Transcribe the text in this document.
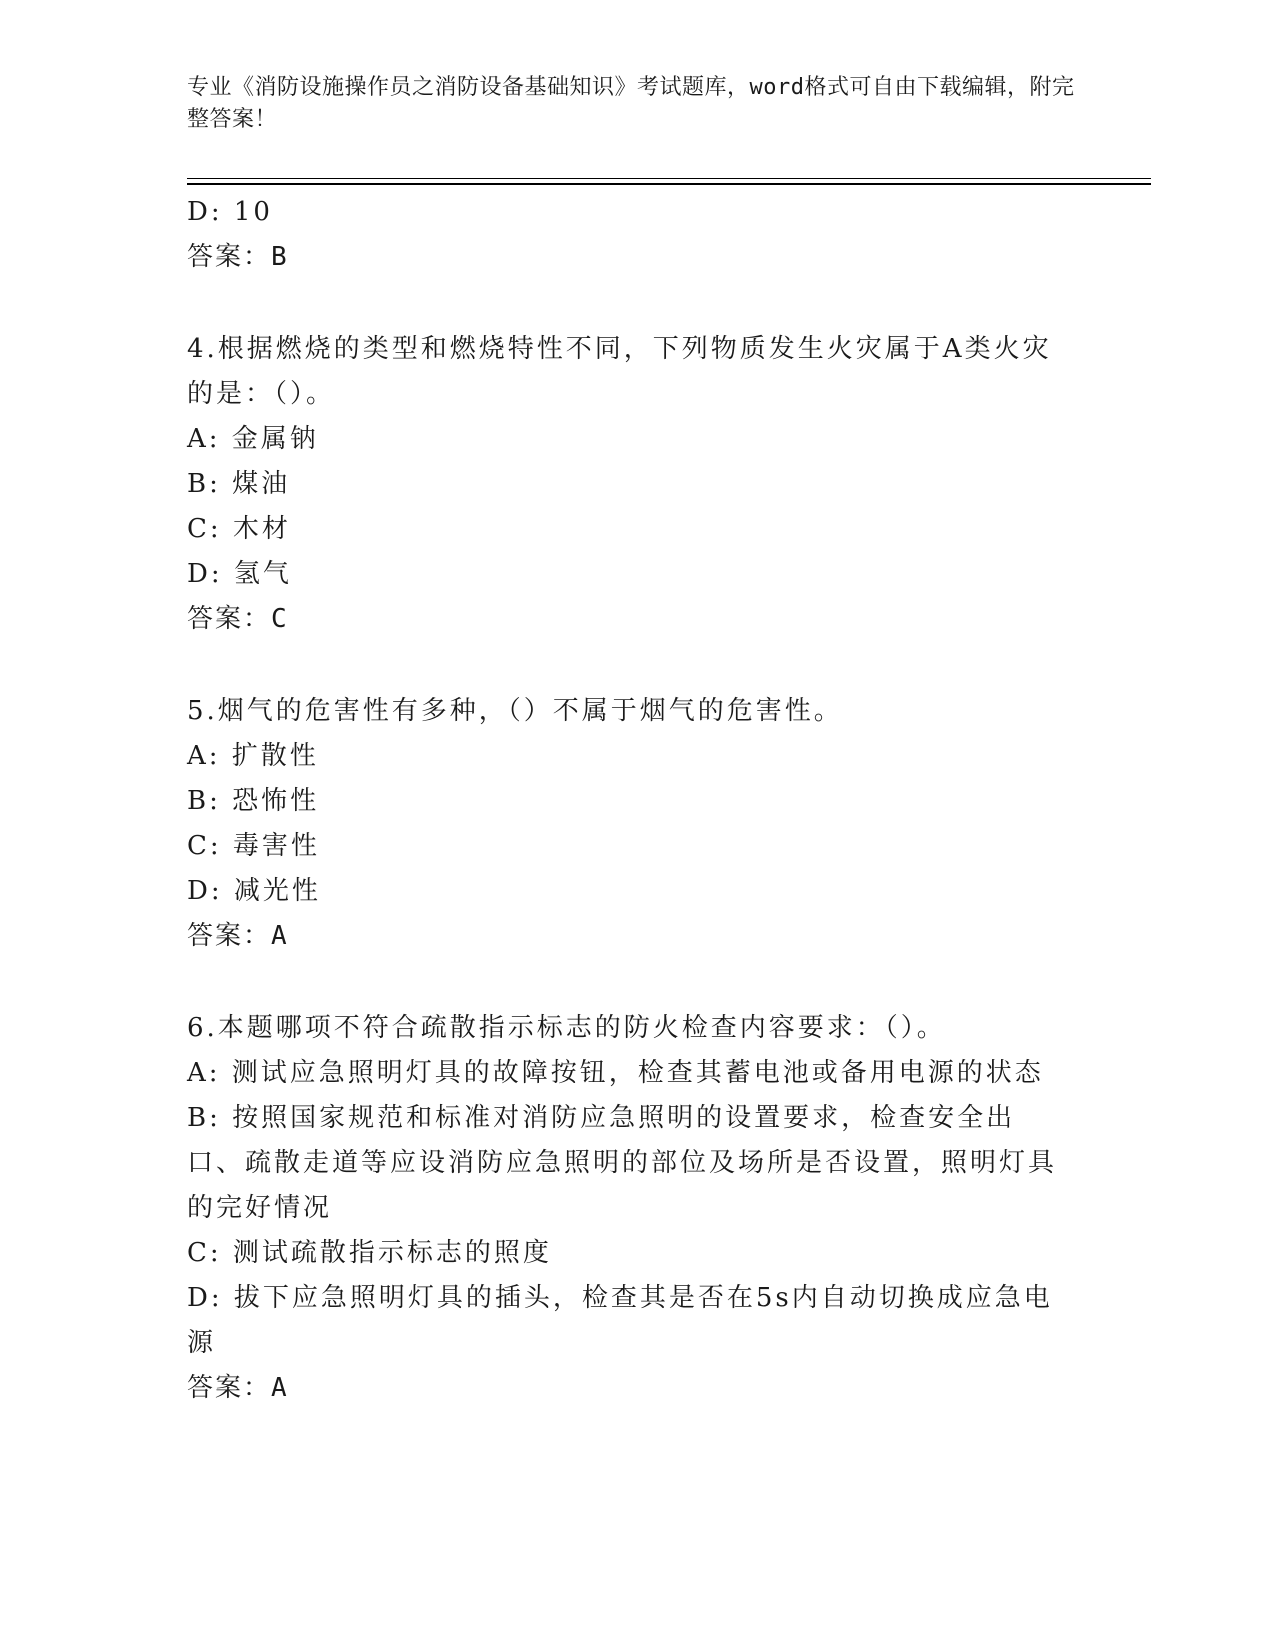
专业《消防设施操作员之消防设备基础知识》考试题库，word格式可自由下载编辑，附完整答案！
D: 10
答案：B
4.根据燃烧的类型和燃烧特性不同，下列物质发生火灾属于A类火灾的是：（）。
A: 金属钠
B: 煤油
C: 木材
D: 氢气
答案：C
5.烟气的危害性有多种，（）不属于烟气的危害性。
A: 扩散性
B: 恐怖性
C: 毒害性
D: 减光性
答案：A
6.本题哪项不符合疏散指示标志的防火检查内容要求：（）。
A: 测试应急照明灯具的故障按钮，检查其蓄电池或备用电源的状态
B: 按照国家规范和标准对消防应急照明的设置要求，检查安全出口、疏散走道等应设消防应急照明的部位及场所是否设置，照明灯具的完好情况
C: 测试疏散指示标志的照度
D: 拔下应急照明灯具的插头，检查其是否在5s内自动切换成应急电源
答案：A
